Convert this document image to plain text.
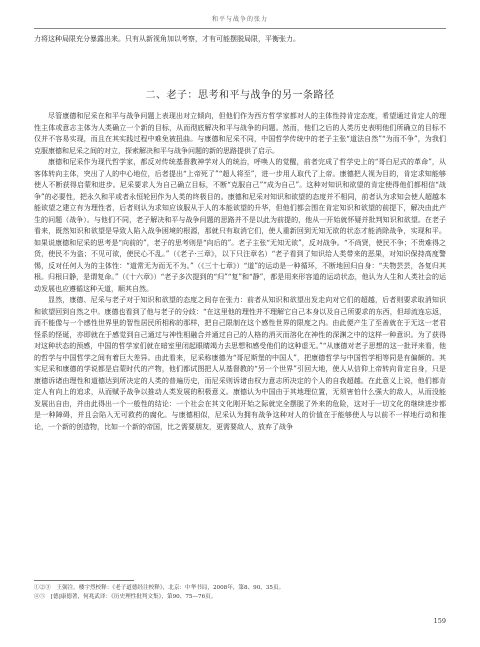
和平与战争的张力

力将这种局限充分暴露出来。只有从新视角加以考察，才有可能摆脱局限，平衡张力。

二、老子：思考和平与战争的另一条路径

尽管康德和尼采在和平与战争问题上表现出对立倾向，但他们作为西方哲学家都对人的主体性持肯定态度，希望通过肯定人的理性主体或意志主体为人类确立一个新的目标，从而彻底解决和平与战争的问题。然而，他们之后的人类历史表明他们所确立的目标不仅并不容易实现，而且在其实践过程中难免被扭曲。与康德和尼采不同，中国哲学传统中的老子主张“道法自然”“为而不争”，为我们克服康德和尼采之间的对立，探索解决和平与战争问题的新的思路提供了启示。

康德和尼采作为现代哲学家，都反对传统基督教神学对人的统治，呼唤人的觉醒，前者完成了哲学史上的“哥白尼式的革命”，从客体转向主体，突出了人的中心地位，后者提出“上帝死了”“超人将至”，进一步用人取代了上帝。康德把人视为目的，肯定求知能够使人不断获得启蒙和进步。尼采要求人为自己确立目标，不断“克服自己”“成为自己”。这种对知识和欲望的肯定使得他们都相信“战争”的必要性，把永久和平或者永恒轮回作为人类的终极目的。康德和尼采对知识和欲望的态度并不相同，前者认为求知会使人超越本能欲望之建立有为理性者，后者则认为求知应该服从于人的本能欲望的升华，但他们都会围在肯定知识和欲望的前提下，解决由此产生的问题（战争）。与他们不同，老子解决和平与战争问题的思路并不是以此为前提的，他从一开始就怀疑并批判知识和欲望。在老子看来，既然知识和欲望是导致人陷入战争困境的根源，那就只有取消它们，使人重新回到无知无欲的状态才能消除战争，实现和平。如果说康德和尼采的思考是“向前的”，老子的思考则是“向后的”。老子主张“无知无欲”，反对战争。“不尚贤，使民不争；不贵难得之货，使民不为盗；不见可欲，使民心不乱。”（《老子·三章》，以下只注章名）“老子看到了知识给人类带来的恶果，对知识保持高度警惕，反对任何人为的主体性：“道常无为而无不为。”（《三十七章》）“道”的运动是一种循环，不断地回归自身：“夫物芸芸，各复归其根。归根曰静，是谓复命。”（《十六章》）“老子多次提到的“归”“复”和“静”，都是用来形容道的运动状态，他认为人生和人类社会的运动发展也应遵循这种天道，顺其自然。

显然，康德、尼采与老子对于知识和欲望的态度之间存在张力：前者从知识和欲望出发走向对它们的超越，后者则要求取消知识和欲望回到自然之中。康德也看到了他与老子的分歧：“在这里他的理性并不理解它自己本身以及自己所要求的东西，但却流连忘返，而不能像与一个感性世界里的智性居民所相称的那样，把自己限制在这个感性世界的限度之内。由此便产生了至善就在于无这一老君怪系的怪诞，亦即就在于感觉到自己通过与神性相融合并通过自己的人格的消灭而溶化在神性的深渊之中的这样一种意识。为了获得对这种状态的预感，中国的哲学家们就在暗室里闭起眼睛竭力去思想和感受他们的这种虚无。”“从康德对老子思想的这一批评来看，他的哲学与中国哲学之间有着巨大差异。由此看来，尼采称康德为“哥尼斯堡的中国人”，把康德哲学与中国哲学相等同是有偏颇的。其实尼采和康德的学说都是启蒙时代的产物，他们都试图把人从基督教的“另一个世界”引回大地，使人从信仰上帝转向肯定自身，只是康德诉诸由理性和道德达到所决定的人类的普遍历史，而尼采则诉诸由权力意志所决定的个人的自我超越。在此意义上说，他们都肯定人有向上的追求，从而赋予战争以推动人类发展的积极意义。康德认为中国由于其地理位置，无须害怕什么强大的敌人，从而没能发展出自由，并由此得出一个一般性的结论：一个社会在其文化刚开始之际就完全摆脱了外来的危险，这对于一切文化的继续进步都是一种障碍，并且会陷入无可救药的腐化。与康德相似，尼采认为拥有战争这种对人的价值在于能够使人与以前不一样地行动和推论，一个新的创造物，比如一个新的帝国，比之需要朋友，更需要敌人，放弃了战争

①②③　王弼注，楼宇烈校释：《老子道德经注校释》，北京：中华书局，2008年，第8、90、35页。
④⑤　[德]康德著，何兆武译：《历史理性批判文集》，第90、75—76页。
159
